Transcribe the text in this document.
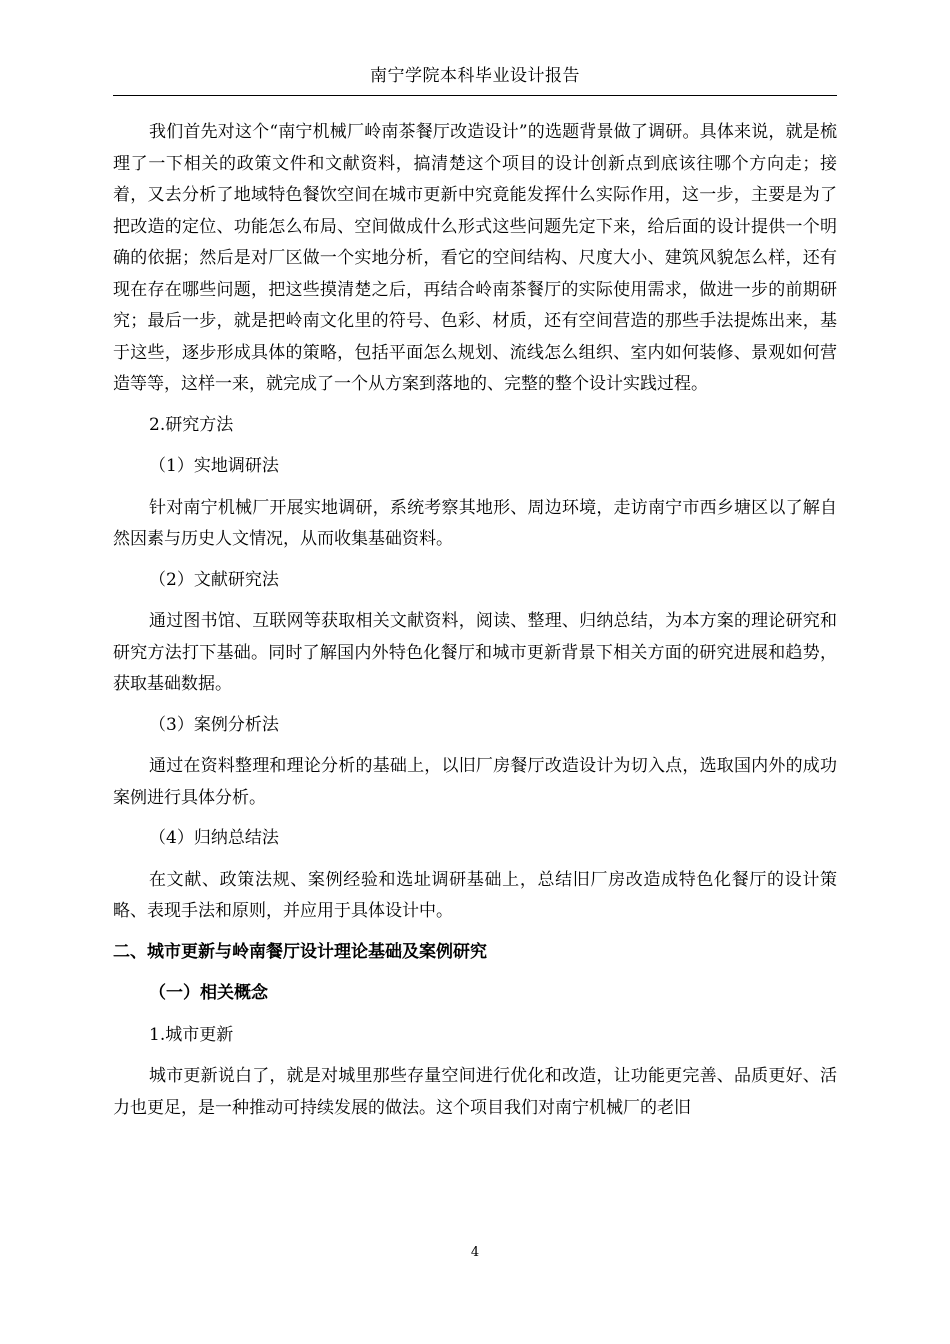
南宁学院本科毕业设计报告

我们首先对这个“南宁机械厂岭南茶餐厅改造设计”的选题背景做了调研。具体来说，就是梳理了一下相关的政策文件和文献资料，搞清楚这个项目的设计创新点到底该往哪个方向走；接着，又去分析了地域特色餐饮空间在城市更新中究竟能发挥什么实际作用，这一步，主要是为了把改造的定位、功能怎么布局、空间做成什么形式这些问题先定下来，给后面的设计提供一个明确的依据；然后是对厂区做一个实地分析，看它的空间结构、尺度大小、建筑风貌怎么样，还有现在存在哪些问题，把这些摸清楚之后，再结合岭南茶餐厅的实际使用需求，做进一步的前期研究；最后一步，就是把岭南文化里的符号、色彩、材质，还有空间营造的那些手法提炼出来，基于这些，逐步形成具体的策略，包括平面怎么规划、流线怎么组织、室内如何装修、景观如何营造等等，这样一来，就完成了一个从方案到落地的、完整的整个设计实践过程。

2.研究方法

（1）实地调研法

针对南宁机械厂开展实地调研，系统考察其地形、周边环境，走访南宁市西乡塘区以了解自然因素与历史人文情况，从而收集基础资料。

（2）文献研究法

通过图书馆、互联网等获取相关文献资料，阅读、整理、归纳总结，为本方案的理论研究和研究方法打下基础。同时了解国内外特色化餐厅和城市更新背景下相关方面的研究进展和趋势，获取基础数据。

（3）案例分析法

通过在资料整理和理论分析的基础上，以旧厂房餐厅改造设计为切入点，选取国内外的成功案例进行具体分析。

（4）归纳总结法

在文献、政策法规、案例经验和选址调研基础上，总结旧厂房改造成特色化餐厅的设计策略、表现手法和原则，并应用于具体设计中。

二、城市更新与岭南餐厅设计理论基础及案例研究

（一）相关概念

1.城市更新

城市更新说白了，就是对城里那些存量空间进行优化和改造，让功能更完善、品质更好、活力也更足，是一种推动可持续发展的做法。这个项目我们对南宁机械厂的老旧

4
